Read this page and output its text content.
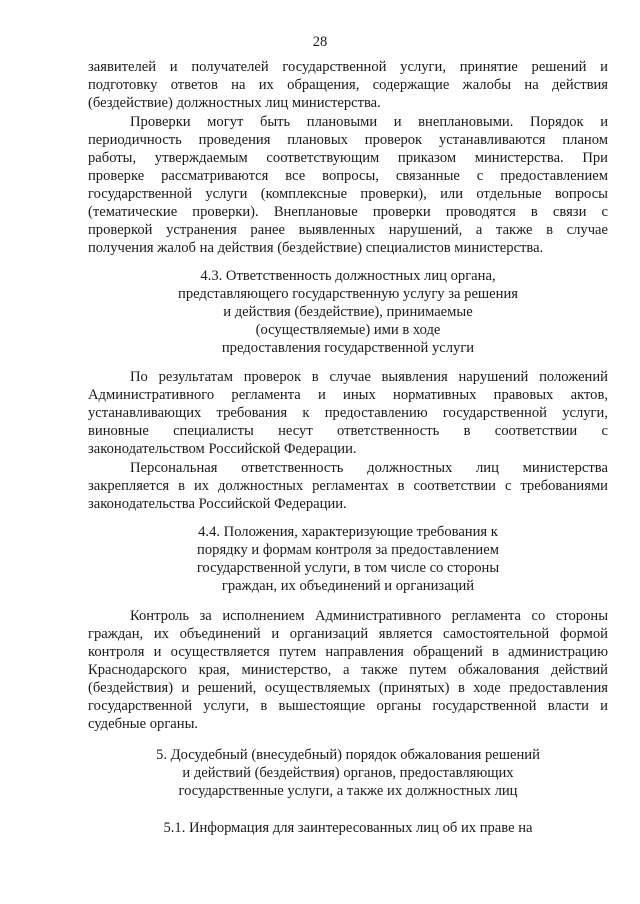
28
заявителей и получателей государственной услуги, принятие решений и
подготовку ответов на их обращения, содержащие жалобы на действия
(бездействие) должностных лиц министерства.
Проверки могут быть плановыми и внеплановыми. Порядок и
периодичность проведения плановых проверок устанавливаются планом
работы, утверждаемым соответствующим приказом министерства. При
проверке рассматриваются все вопросы, связанные с предоставлением
государственной услуги (комплексные проверки), или отдельные вопросы
(тематические проверки). Внеплановые проверки проводятся в связи с
проверкой устранения ранее выявленных нарушений, а также в случае
получения жалоб на действия (бездействие) специалистов министерства.
4.3. Ответственность должностных лиц органа,
представляющего государственную услугу за решения
и действия (бездействие), принимаемые
(осуществляемые) ими в ходе
предоставления государственной услуги
По результатам проверок в случае выявления нарушений положений
Административного регламента и иных нормативных правовых актов,
устанавливающих требования к предоставлению государственной услуги,
виновные специалисты несут ответственность в соответствии с
законодательством Российской Федерации.
Персональная ответственность должностных лиц министерства
закрепляется в их должностных регламентах в соответствии с требованиями
законодательства Российской Федерации.
4.4. Положения, характеризующие требования к
порядку и формам контроля за предоставлением
государственной услуги, в том числе со стороны
граждан, их объединений и организаций
Контроль за исполнением Административного регламента со стороны
граждан, их объединений и организаций является самостоятельной формой
контроля и осуществляется путем направления обращений в администрацию
Краснодарского края, министерство, а также путем обжалования действий
(бездействия) и решений, осуществляемых (принятых) в ходе предоставления
государственной услуги, в вышестоящие органы государственной власти и
судебные органы.
5. Досудебный (внесудебный) порядок обжалования решений
и действий (бездействия) органов, предоставляющих
государственные услуги, а также их должностных лиц
5.1. Информация для заинтересованных лиц об их праве на
